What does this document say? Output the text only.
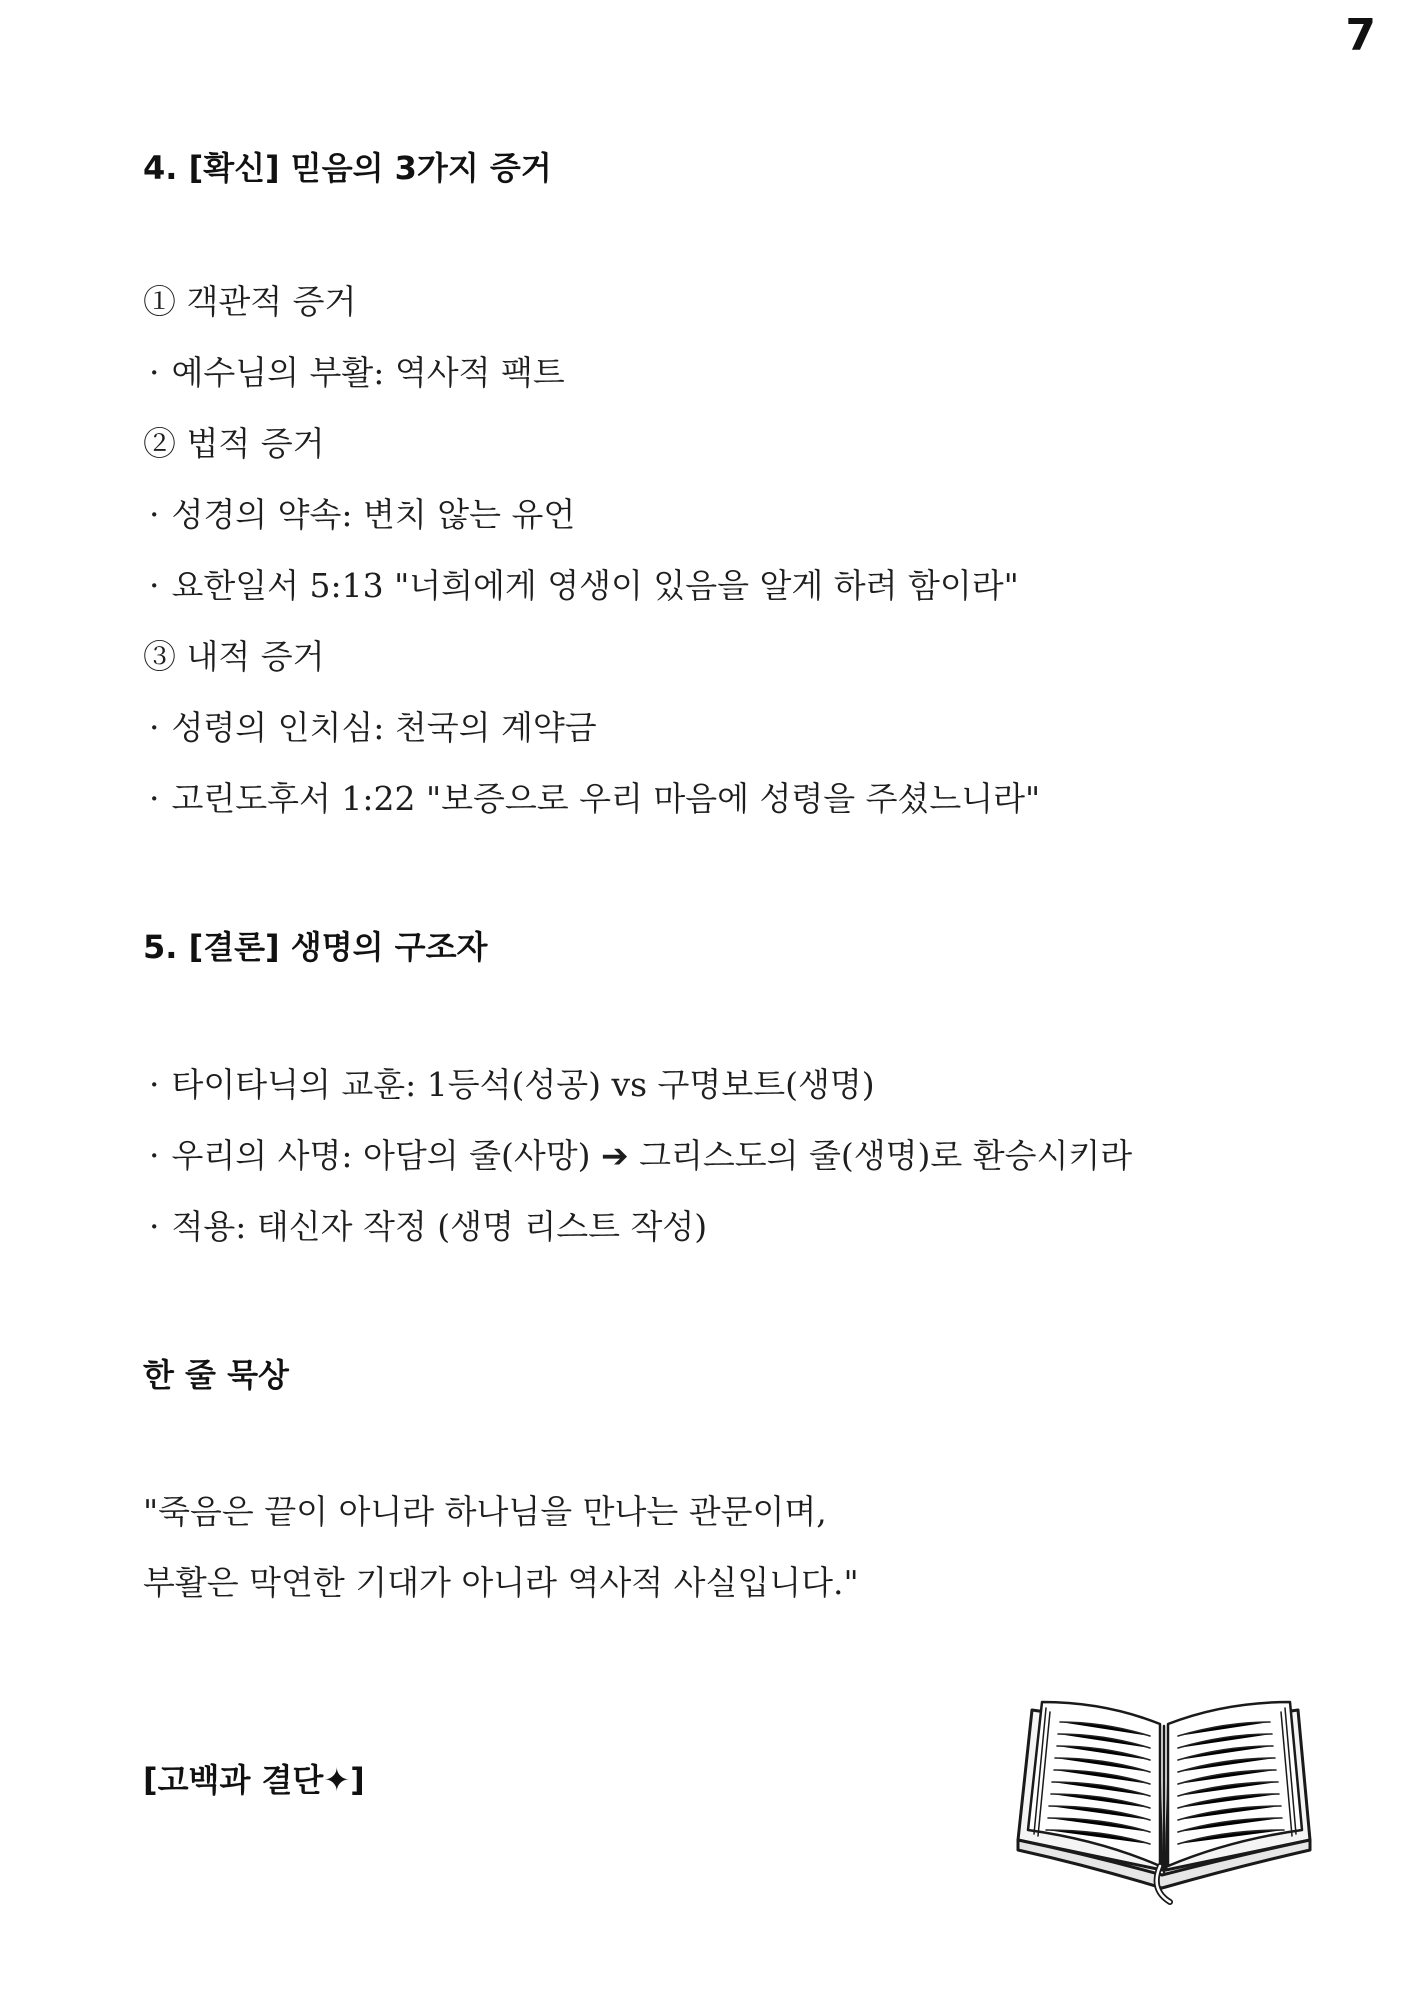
7
4. [확신] 믿음의 3가지 증거
① 객관적 증거
· 예수님의 부활: 역사적 팩트
② 법적 증거
· 성경의 약속: 변치 않는 유언
· 요한일서 5:13 "너희에게 영생이 있음을 알게 하려 함이라"
③ 내적 증거
· 성령의 인치심: 천국의 계약금
· 고린도후서 1:22 "보증으로 우리 마음에 성령을 주셨느니라"
5. [결론] 생명의 구조자
· 타이타닉의 교훈: 1등석(성공) vs 구명보트(생명)
· 우리의 사명: 아담의 줄(사망) ➔ 그리스도의 줄(생명)로 환승시키라
· 적용: 태신자 작정 (생명 리스트 작성)
한 줄 묵상
"죽음은 끝이 아니라 하나님을 만나는 관문이며,
부활은 막연한 기대가 아니라 역사적 사실입니다."
[고백과 결단✦]
